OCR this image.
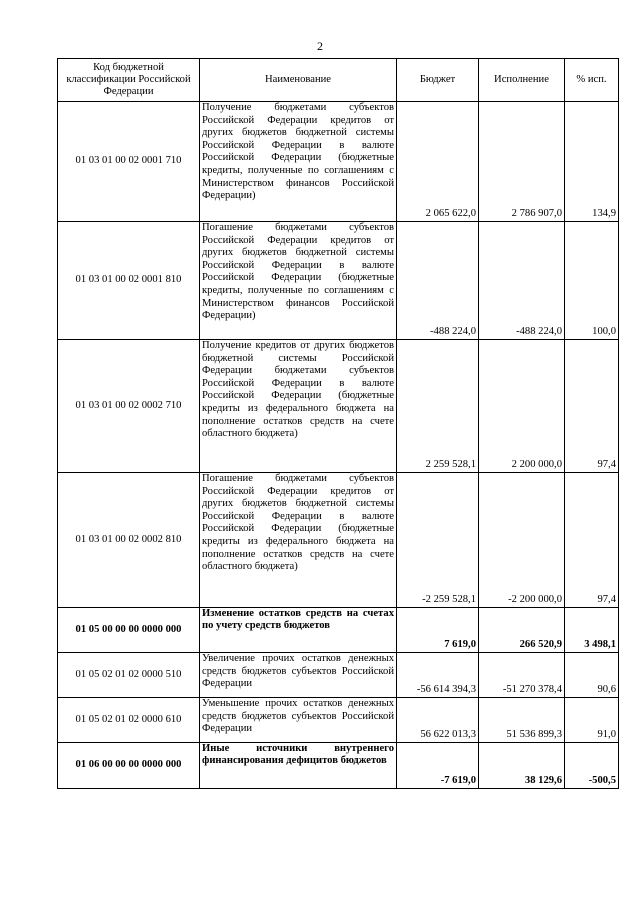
2
Код бюджетной классификации Российской Федерации	Наименование	Бюджет	Исполнение	% исп.
01 03 01 00 02 0001 710	Получение бюджетами субъектов Российской Федерации кредитов от других бюджетов бюджетной системы Российской Федерации в валюте Российской Федерации (бюджетные кредиты, полученные по соглашениям с Министерством финансов Российской Федерации)	2 065 622,0	2 786 907,0	134,9
01 03 01 00 02 0001 810	Погашение бюджетами субъектов Российской Федерации кредитов от других бюджетов бюджетной системы Российской Федерации в валюте Российской Федерации (бюджетные кредиты, полученные по соглашениям с Министерством финансов Российской Федерации)	-488 224,0	-488 224,0	100,0
01 03 01 00 02 0002 710	Получение кредитов от других бюджетов бюджетной системы Российской Федерации бюджетами субъектов Российской Федерации в валюте Российской Федерации (бюджетные кредиты из федерального бюджета на пополнение остатков средств на счете областного бюджета)	2 259 528,1	2 200 000,0	97,4
01 03 01 00 02 0002 810	Погашение бюджетами субъектов Российской Федерации кредитов от других бюджетов бюджетной системы Российской Федерации в валюте Российской Федерации (бюджетные кредиты из федерального бюджета на пополнение остатков средств на счете областного бюджета)	-2 259 528,1	-2 200 000,0	97,4
01 05 00 00 00 0000 000	Изменение остатков средств на счетах по учету средств бюджетов	7 619,0	266 520,9	3 498,1
01 05 02 01 02 0000 510	Увеличение прочих остатков денежных средств бюджетов субъектов Российской Федерации	-56 614 394,3	-51 270 378,4	90,6
01 05 02 01 02 0000 610	Уменьшение прочих остатков денежных средств бюджетов субъектов Российской Федерации	56 622 013,3	51 536 899,3	91,0
01 06 00 00 00 0000 000	Иные источники внутреннего финансирования дефицитов бюджетов	-7 619,0	38 129,6	-500,5
